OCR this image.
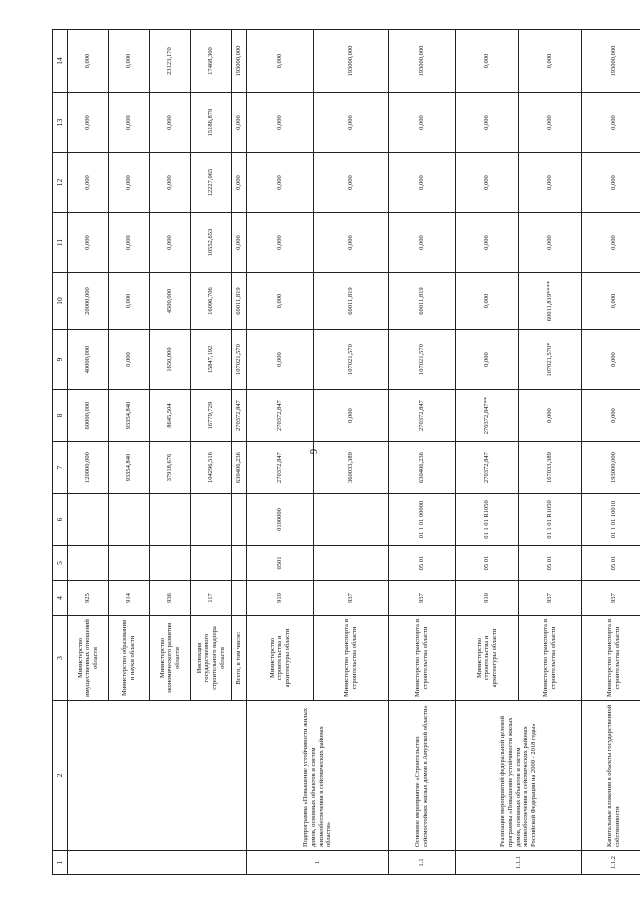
9
1	2	3	4	5	6	7	8	9	10	11	12	13	14
		Министерство имущественных отношений области	925			120000,000	60000,000	40000,000	20000,000	0,000	0,000	0,000	0,000
		Министерство образования и науки области	914			93354,840	93354,840	0,000	0,000	0,000	0,000	0,000	0,000
		Министерство экономического развития области	936			37918,676	8645,504	1650,000	4500,000	0,000	0,000	0,000	23123,170
		Инспекция государственного строительного надзора области	117			104296,516	16779,729	15847,192	16096,706	10552,653	12227,065	15186,879	17468,300
		Всего, в том числе:				630406,236	270372,847	107021,570	60011,819	0,000	0,000	0,000	193000,000
1	Подпрограмма «Повышение устойчивости жилых домов, основных объектов и систем жизнеобеспечения в сейсмических районах области»	Министерство строительства и архитектуры области	910	0501	0100000	270372,847	270372,847	0,000	0,000	0,000	0,000	0,000	0,000
		Министерство транспорта и строительства области	937			360033,389	0,000	107021,570	60011,819	0,000	0,000	0,000	193000,000
1.1	Основное мероприятие «Строительство сейсмостойких жилых домов в Амурской области»	Министерство транспорта и строительства области	937	05 01	01 1 01 00000	630406,236	270372,847	107021,570	60011,819	0,000	0,000	0,000	193000,000
1.1.1	Реализация мероприятий федеральной целевой программы «Повышение устойчивости жилых домов, основных объектов и систем жизнеобеспечения в сейсмических районах Российской Федерации на 2009 - 2018 годы»	Министерство строительства и архитектуры области	910	05 01	01 1 01 R1050	270372,847	270372,847**	0,000	0,000	0,000	0,000	0,000	0,000
		Министерство транспорта и строительства области	937	05 01	01 1 01 R1050	167033,389	0,000	107021,570*	60011,819****	0,000	0,000	0,000	0,000
1.1.2	Капитальные вложения в объекты государственной собственности	Министерство транспорта и строительства области	937	05 01	01 1 01 10010	193000,000	0,000	0,000	0,000	0,000	0,000	0,000	193000,000
